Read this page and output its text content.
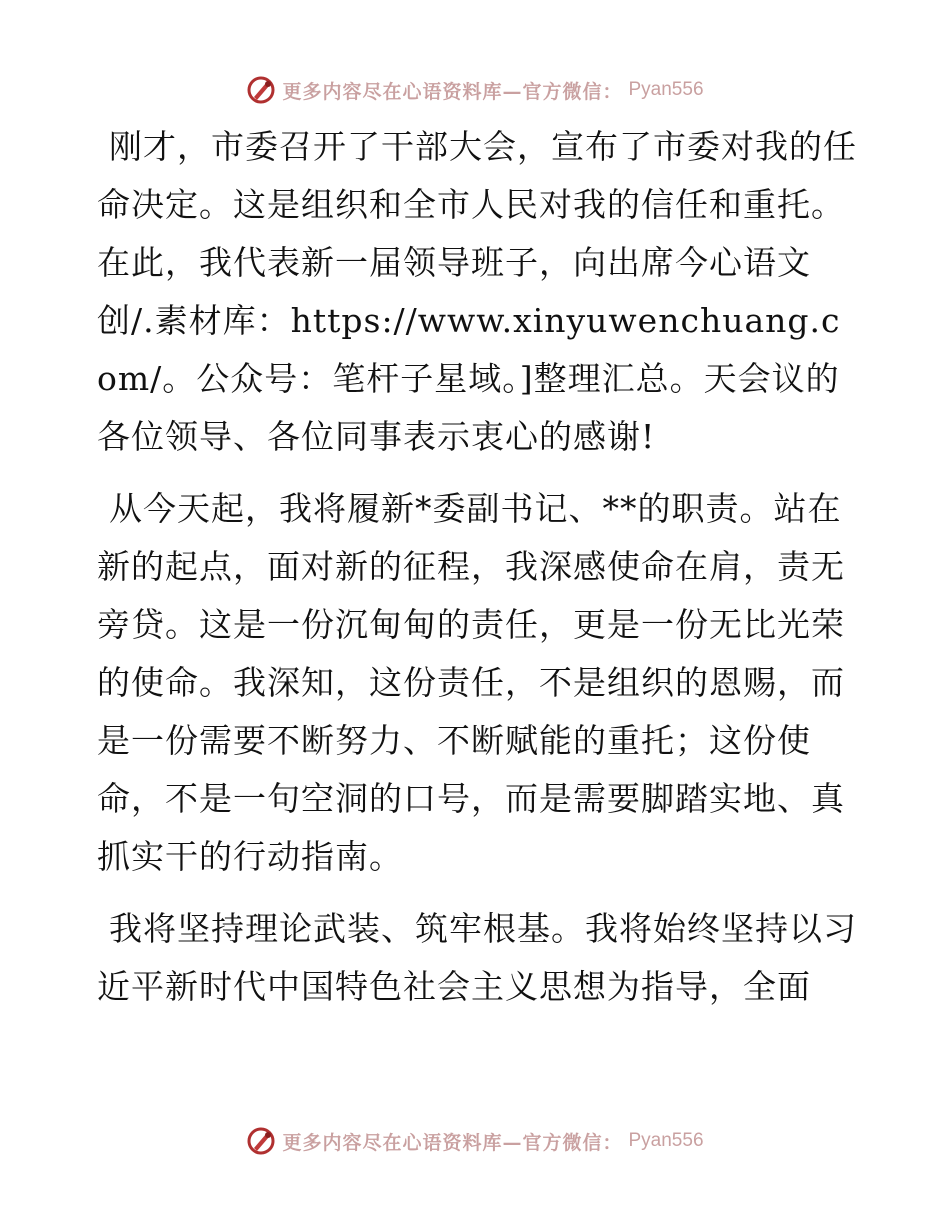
更多内容尽在心语资料库—官方微信： Pyan556

刚才，市委召开了干部大会，宣布了市委对我的任命决定。这是组织和全市人民对我的信任和重托。在此，我代表新一届领导班子，向出席今心语文创/.素材库：https://www.xinyuwenchuang.com/。公众号：笔杆子星域。]整理汇总。天会议的各位领导、各位同事表示衷心的感谢!

从今天起，我将履新*委副书记、**的职责。站在新的起点，面对新的征程，我深感使命在肩，责无旁贷。这是一份沉甸甸的责任，更是一份无比光荣的使命。我深知，这份责任，不是组织的恩赐，而是一份需要不断努力、不断赋能的重托；这份使命，不是一句空洞的口号，而是需要脚踏实地、真抓实干的行动指南。

我将坚持理论武装、筑牢根基。我将始终坚持以习近平新时代中国特色社会主义思想为指导，全面

更多内容尽在心语资料库—官方微信： Pyan556
